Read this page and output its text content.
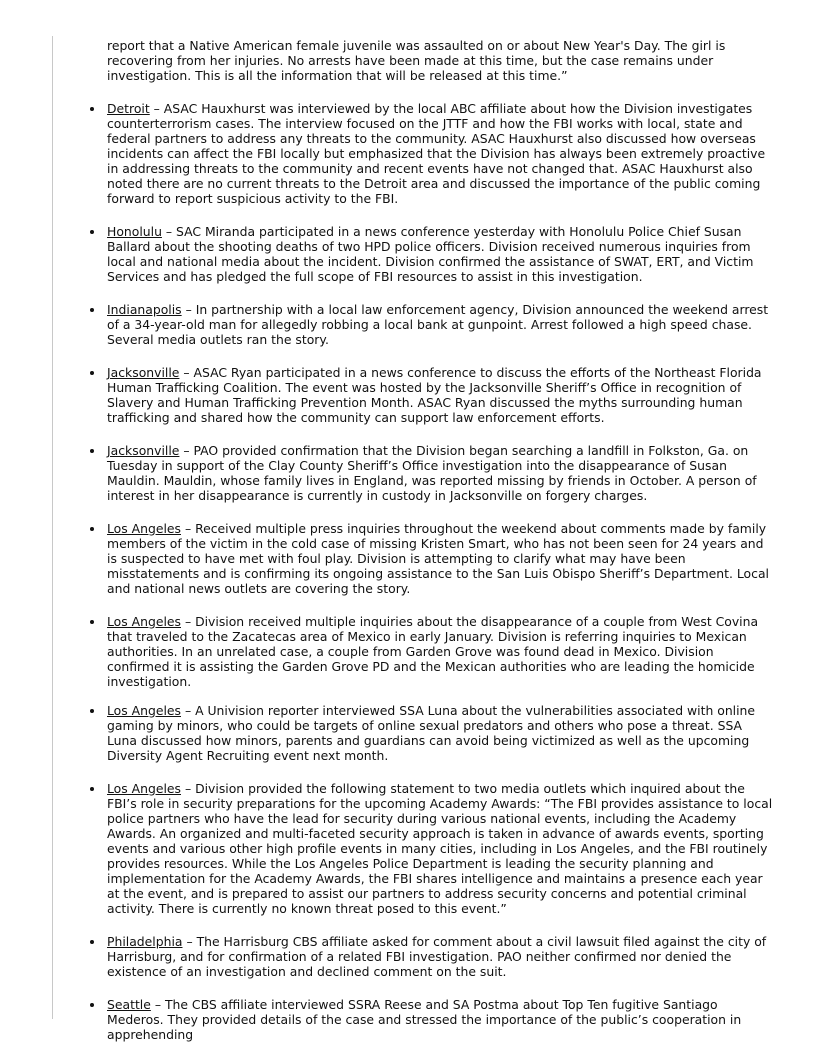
report that a Native American female juvenile was assaulted on or about New Year's Day. The girl is recovering from her injuries. No arrests have been made at this time, but the case remains under investigation. This is all the information that will be released at this time.”

Detroit – ASAC Hauxhurst was interviewed by the local ABC affiliate about how the Division investigates counterterrorism cases. The interview focused on the JTTF and how the FBI works with local, state and federal partners to address any threats to the community. ASAC Hauxhurst also discussed how overseas incidents can affect the FBI locally but emphasized that the Division has always been extremely proactive in addressing threats to the community and recent events have not changed that. ASAC Hauxhurst also noted there are no current threats to the Detroit area and discussed the importance of the public coming forward to report suspicious activity to the FBI.
Honolulu – SAC Miranda participated in a news conference yesterday with Honolulu Police Chief Susan Ballard about the shooting deaths of two HPD police officers. Division received numerous inquiries from local and national media about the incident. Division confirmed the assistance of SWAT, ERT, and Victim Services and has pledged the full scope of FBI resources to assist in this investigation.
Indianapolis – In partnership with a local law enforcement agency, Division announced the weekend arrest of a 34-year-old man for allegedly robbing a local bank at gunpoint. Arrest followed a high speed chase. Several media outlets ran the story.
Jacksonville – ASAC Ryan participated in a news conference to discuss the efforts of the Northeast Florida Human Trafficking Coalition. The event was hosted by the Jacksonville Sheriff’s Office in recognition of Slavery and Human Trafficking Prevention Month. ASAC Ryan discussed the myths surrounding human trafficking and shared how the community can support law enforcement efforts.
Jacksonville – PAO provided confirmation that the Division began searching a landfill in Folkston, Ga. on Tuesday in support of the Clay County Sheriff’s Office investigation into the disappearance of Susan Mauldin. Mauldin, whose family lives in England, was reported missing by friends in October. A person of interest in her disappearance is currently in custody in Jacksonville on forgery charges.
Los Angeles – Received multiple press inquiries throughout the weekend about comments made by family members of the victim in the cold case of missing Kristen Smart, who has not been seen for 24 years and is suspected to have met with foul play. Division is attempting to clarify what may have been misstatements and is confirming its ongoing assistance to the San Luis Obispo Sheriff’s Department. Local and national news outlets are covering the story.
Los Angeles – Division received multiple inquiries about the disappearance of a couple from West Covina that traveled to the Zacatecas area of Mexico in early January. Division is referring inquiries to Mexican authorities. In an unrelated case, a couple from Garden Grove was found dead in Mexico. Division confirmed it is assisting the Garden Grove PD and the Mexican authorities who are leading the homicide investigation.
Los Angeles – A Univision reporter interviewed SSA Luna about the vulnerabilities associated with online gaming by minors, who could be targets of online sexual predators and others who pose a threat. SSA Luna discussed how minors, parents and guardians can avoid being victimized as well as the upcoming Diversity Agent Recruiting event next month.
Los Angeles – Division provided the following statement to two media outlets which inquired about the FBI’s role in security preparations for the upcoming Academy Awards: “The FBI provides assistance to local police partners who have the lead for security during various national events, including the Academy Awards. An organized and multi-faceted security approach is taken in advance of awards events, sporting events and various other high profile events in many cities, including in Los Angeles, and the FBI routinely provides resources. While the Los Angeles Police Department is leading the security planning and implementation for the Academy Awards, the FBI shares intelligence and maintains a presence each year at the event, and is prepared to assist our partners to address security concerns and potential criminal activity. There is currently no known threat posed to this event.”
Philadelphia – The Harrisburg CBS affiliate asked for comment about a civil lawsuit filed against the city of Harrisburg, and for confirmation of a related FBI investigation. PAO neither confirmed nor denied the existence of an investigation and declined comment on the suit.
Seattle – The CBS affiliate interviewed SSRA Reese and SA Postma about Top Ten fugitive Santiago Mederos. They provided details of the case and stressed the importance of the public’s cooperation in apprehending
